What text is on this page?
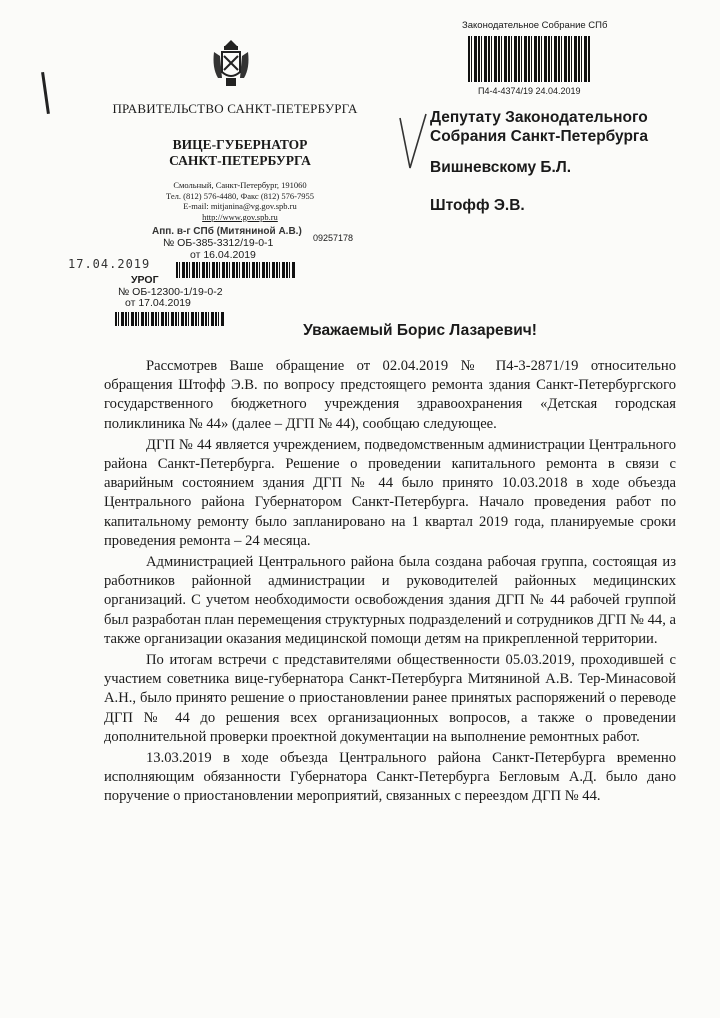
ПРАВИТЕЛЬСТВО САНКТ-ПЕТЕРБУРГА
ВИЦЕ-ГУБЕРНАТОР
САНКТ-ПЕТЕРБУРГА
Смольный, Санкт-Петербург, 191060
Тел. (812) 576-4480, Факс (812) 576-7955
E-mail: mitjanina@vg.gov.spb.ru
http://www.gov.spb.ru
Законодательное Собрание СПб
П4-4-4374/19 24.04.2019
Апп. в-г СПб (Митяниной А.В.)
№ ОБ-385-3312/19-0-1
от 16.04.2019
09257178
17.04.2019
УРОГ
№ ОБ-12300-1/19-0-2
от 17.04.2019
Депутату Законодательного
Собрания Санкт-Петербурга
Вишневскому Б.Л.
Штофф Э.В.
Уважаемый Борис Лазаревич!

Рассмотрев Ваше обращение от 02.04.2019 № П4-3-2871/19 относительно обращения Штофф Э.В. по вопросу предстоящего ремонта здания Санкт-Петербургского государственного бюджетного учреждения здравоохранения «Детская городская поликлиника № 44» (далее – ДГП № 44), сообщаю следующее.

ДГП № 44 является учреждением, подведомственным администрации Центрального района Санкт-Петербурга. Решение о проведении капитального ремонта в связи с аварийным состоянием здания ДГП № 44 было принято 10.03.2018 в ходе объезда Центрального района Губернатором Санкт-Петербурга. Начало проведения работ по капитальному ремонту было запланировано на 1 квартал 2019 года, планируемые сроки проведения ремонта – 24 месяца.

Администрацией Центрального района была создана рабочая группа, состоящая из работников районной администрации и руководителей районных медицинских организаций. С учетом необходимости освобождения здания ДГП № 44 рабочей группой был разработан план перемещения структурных подразделений и сотрудников ДГП № 44, а также организации оказания медицинской помощи детям на прикрепленной территории.

По итогам встречи с представителями общественности 05.03.2019, проходившей с участием советника вице-губернатора Санкт-Петербурга Митяниной А.В. Тер-Минасовой А.Н., было принято решение о приостановлении ранее принятых распоряжений о переводе ДГП № 44 до решения всех организационных вопросов, а также о проведении дополнительной проверки проектной документации на выполнение ремонтных работ.

13.03.2019 в ходе объезда Центрального района Санкт-Петербурга временно исполняющим обязанности Губернатора Санкт-Петербурга Бегловым А.Д. было дано поручение о приостановлении мероприятий, связанных с переездом ДГП № 44.
